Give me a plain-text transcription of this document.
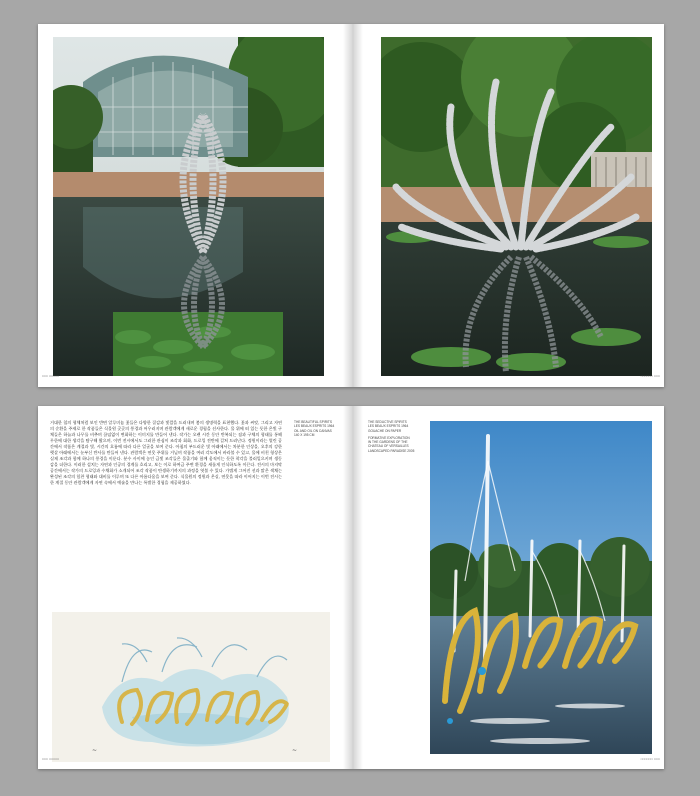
□□□ □□□□□	□□□□□□ □□□

거대한 철의 형체처럼 보인 반면 알루미늄 꽃들은 다양한 질감과 빛깔을 드러내며 봄의 생명력을 표현했다. 꽃과 씨앗, 그리고 자연의 순환을 주제로 한 작품들은 식물원 곳곳의 풍경과 어우러지며 관람객에게 새로운 경험을 선사한다. 물 위에 떠 있는 듯한 은빛 구체들은 하늘과 나무를 비추며 끊임없이 변화하는 이미지를 만들어 낸다. 작가는 오랜 시간 동안 반복되는 점과 구체의 형태를 통해 무한에 대한 생각을 탐구해 왔으며, 이번 전시에서도 그러한 관심이 조각과 회화, 드로잉 전반에 걸쳐 드러난다. 정원이라는 열린 공간에서 작품은 계절과 빛, 시간의 흐름에 따라 다른 얼굴을 보여 준다. 아침의 부드러운 빛 아래에서는 차분한 인상을, 오후의 강한 햇살 아래에서는 눈부신 반사를 만들어 낸다. 관람객은 연못 주위를 거닐며 작품을 여러 각도에서 바라볼 수 있고, 물에 비친 형상은 실제 조각과 함께 하나의 풍경을 이룬다. 분수 사이에 놓인 금빛 조각들은 물줄기와 함께 움직이는 듯한 착각을 불러일으키며 생동감을 더한다. 이러한 설치는 자연과 인공의 경계를 흐리고, 보는 이로 하여금 주변 환경을 새롭게 인식하도록 이끈다. 전시의 마지막 공간에서는 작가의 드로잉과 수채화가 소개되어 조각 작품이 탄생하기까지의 과정을 엿볼 수 있다. 가볍게 그어진 선과 맑은 색채는 완성된 조각의 힘찬 형태와 대비를 이루며 또 다른 아름다움을 보여 준다. 식물원의 정원과 온실, 연못을 따라 이어지는 이번 전시는 한 계절 동안 관람객에게 자연 속에서 예술을 만나는 특별한 경험을 제공하였다.

~	~
□□□ □□□□□

THE BEAUTIFUL SPIRITS
LES BEAUX ESPRITS 1964
OIL AND OIL ON CANVAS
140 X 195 CM

THE SEDUCTIVE SPIRITS
LES BEAUX ESPRITS 1964
GOUACHE ON PAPER
FORMATIVE EXPLORATION
IN THE GARDENS OF THE
CHATEAU OF VERSAILLES
LANDSCAPED PARADISE 2005

□□□□□□ □□□
